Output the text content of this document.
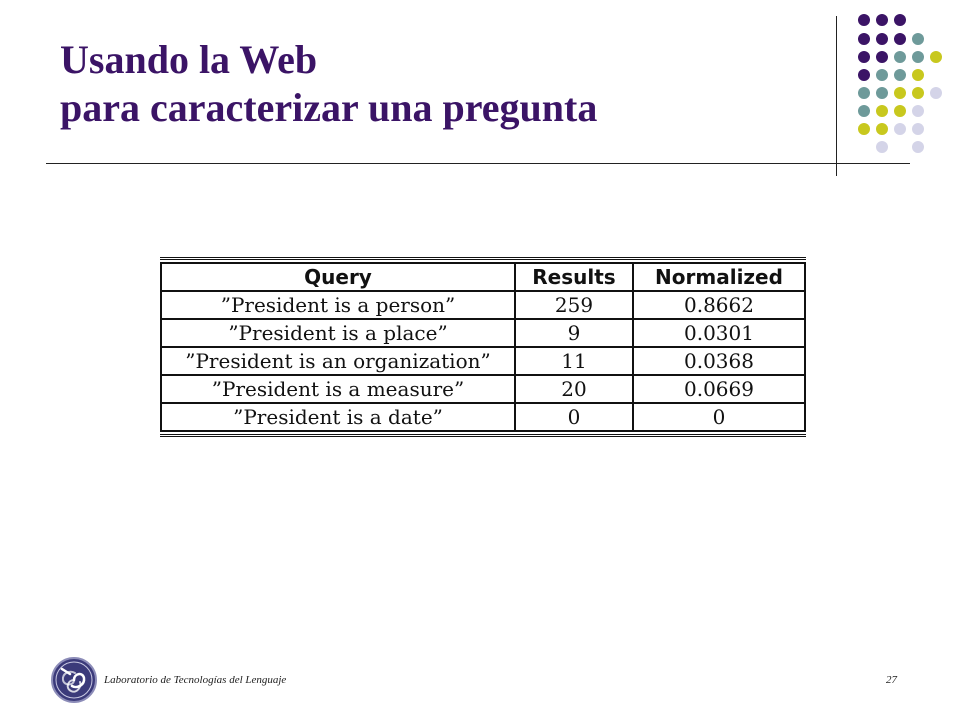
Usando la Web
para caracterizar una pregunta
Query	Results	Normalized
”President is a person”	259	0.8662
”President is a place”	9	0.0301
”President is an organization”	11	0.0368
”President is a measure”	20	0.0669
”President is a date”	0	0
Laboratorio de Tecnologías del Lenguaje	27
